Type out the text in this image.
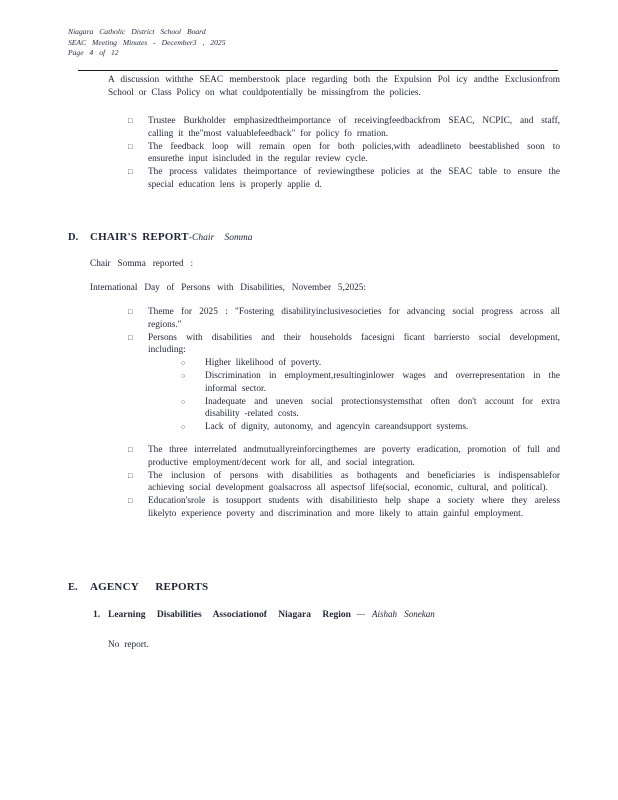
Niagara Catholic District School Board
SEAC Meeting Minutes - December3 , 2025
Page 4 of 12
A discussion withthe SEAC memberstook place regarding both the Expulsion Pol icy andthe Exclusionfrom School or Class Policy on what couldpotentially be missingfrom the policies.
□	Trustee Burkholder emphasizedtheimportance of receivingfeedbackfrom SEAC, NCPIC, and staff, calling it the"most valuablefeedback" for policy fo rmation.
□	The feedback loop will remain open for both policies,with adeadlineto beestablished soon to ensurethe input isincluded in the regular review cycle.
□	The process validates theimportance of reviewingthese policies at the SEAC table to ensure the special education lens is properly applie d.
D.	CHAIR'S REPORT -Chair Somma
Chair Somma reported :
International Day of Persons with Disabilities, November 5,2025:
□	Theme for 2025 : "Fostering disabilityinclusivesocieties for advancing social progress across all regions."
□	Persons with disabilities and their households facesigni ficant barriersto social development, including:
○	Higher likelihood of poverty.
○	Discrimination in employment,resultinginlower wages and overrepresentation in the informal sector.
○	Inadequate and uneven social protectionsystemsthat often don't account for extra disability -related costs.
○	Lack of dignity, autonomy, and agencyin careandsupport systems.
□	The three interrelated andmutuallyreinforcingthemes are poverty eradication, promotion of full and productive employment/decent work for all, and social integration.
□	The inclusion of persons with disabilities as bothagents and beneficiaries is indispensablefor achieving social development goalsacross all aspectsof life(social, economic, cultural, and political).
□	Education'srole is tosupport students with disabilitiesto help shape a society where they areless likelyto experience poverty and discrimination and more likely to attain gainful employment.
E.	AGENCY REPORTS
1. Learning Disabilities Associationof Niagara Region — Aishah Sonekan
No report.
